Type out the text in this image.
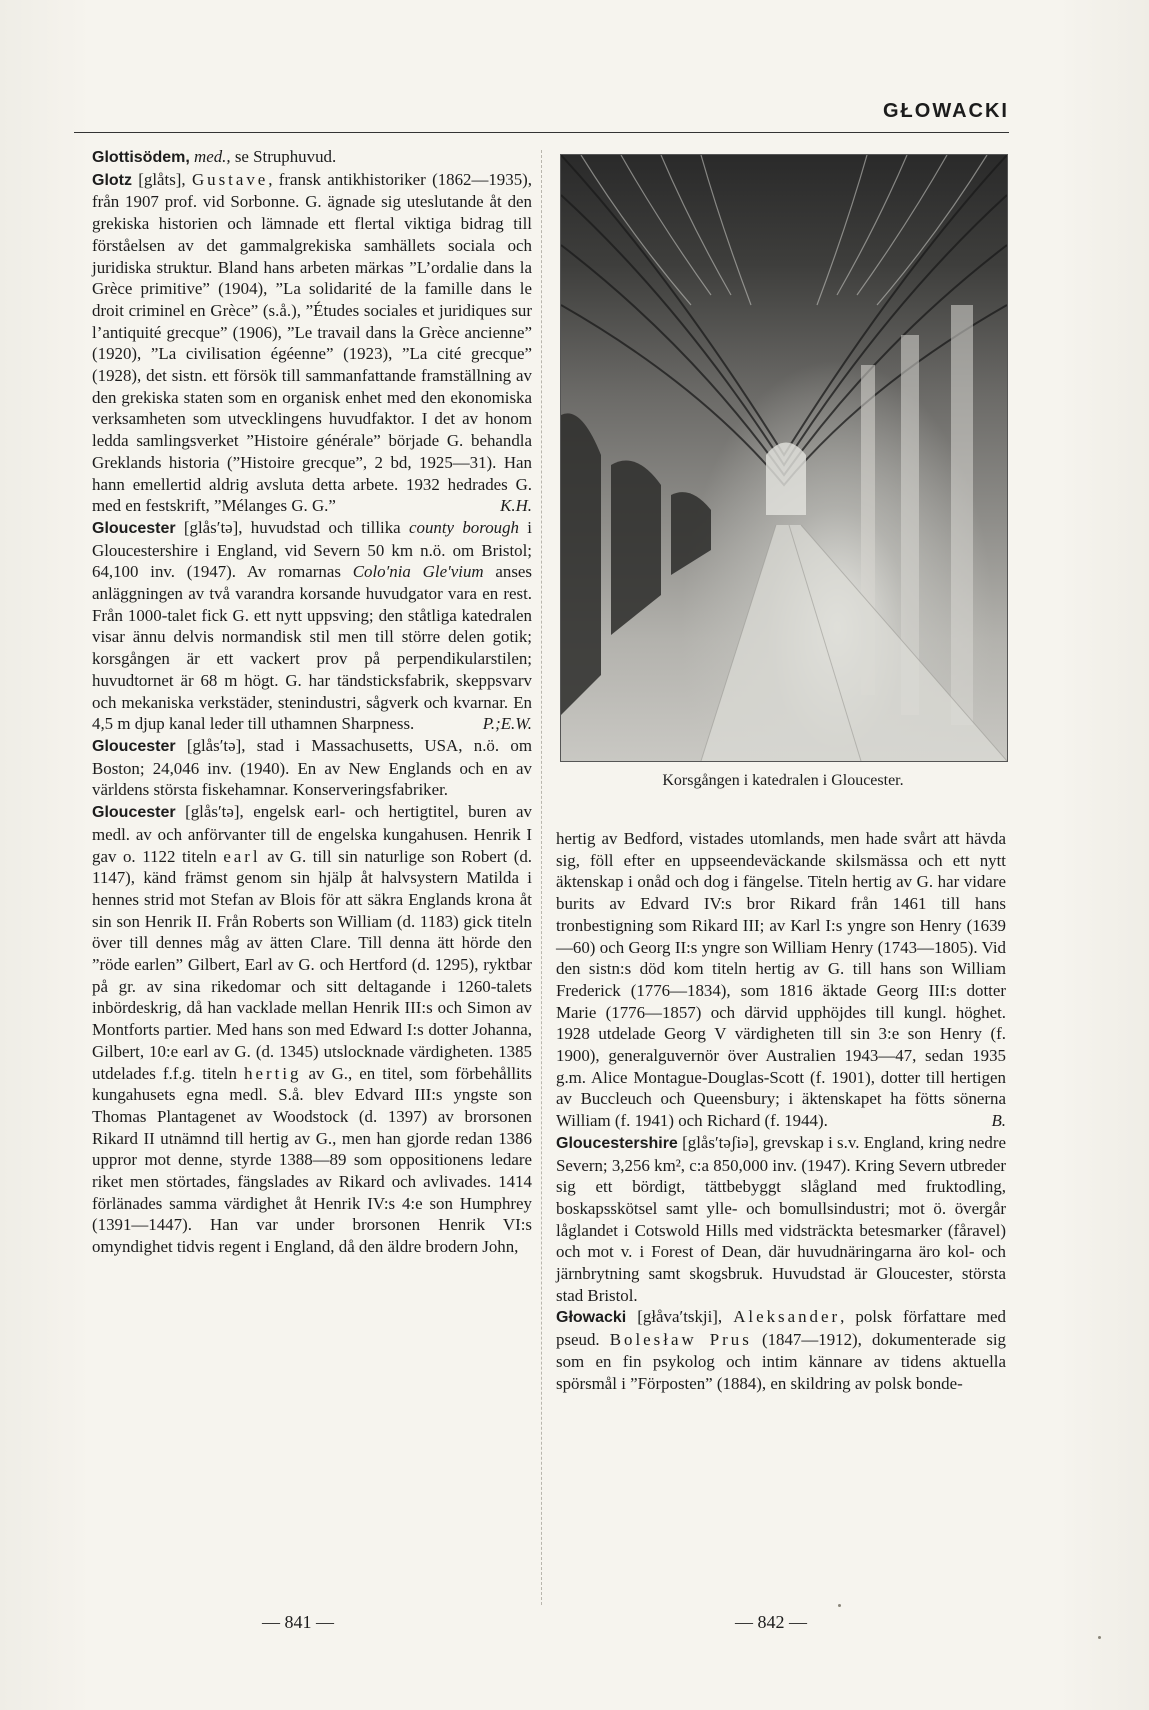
GŁOWACKI

Glottisödem, med., se Struphuvud.

Glotz [glåts], Gustave, fransk antikhistoriker (1862—1935), från 1907 prof. vid Sorbonne. G. ägnade sig uteslutande åt den grekiska historien och lämnade ett flertal viktiga bidrag till förståelsen av det gammalgrekiska samhällets sociala och juridiska struktur. Bland hans arbeten märkas ”L’ordalie dans la Grèce primitive” (1904), ”La solidarité de la famille dans le droit criminel en Grèce” (s.å.), ”Études sociales et juridiques sur l’antiquité grecque” (1906), ”Le travail dans la Grèce ancienne” (1920), ”La civilisation égéenne” (1923), ”La cité grecque” (1928), det sistn. ett försök till sammanfattande framställning av den grekiska staten som en organisk enhet med den ekonomiska verksamheten som utvecklingens huvudfaktor. I det av honom ledda samlingsverket ”Histoire générale” började G. behandla Greklands historia (”Histoire grecque”, 2 bd, 1925—31). Han hann emellertid aldrig avsluta detta arbete. 1932 hedrades G. med en festskrift, ”Mélanges G. G.”	K.H.

Gloucester [glås′tə], huvudstad och tillika county borough i Gloucestershire i England, vid Severn 50 km n.ö. om Bristol; 64,100 inv. (1947). Av romarnas Colo′nia Gle′vium anses anläggningen av två varandra korsande huvudgator vara en rest. Från 1000-talet fick G. ett nytt uppsving; den ståtliga katedralen visar ännu delvis normandisk stil men till större delen gotik; korsgången är ett vackert prov på perpendikularstilen; huvudtornet är 68 m högt. G. har tändsticksfabrik, skeppsvarv och mekaniska verkstäder, stenindustri, sågverk och kvarnar. En 4,5 m djup kanal leder till uthamnen Sharpness.	P.;E.W.

Gloucester [glås′tə], stad i Massachusetts, USA, n.ö. om Boston; 24,046 inv. (1940). En av New Englands och en av världens största fiskehamnar. Konserveringsfabriker.

Gloucester [glås′tə], engelsk earl- och hertigtitel, buren av medl. av och anförvanter till de engelska kungahusen. Henrik I gav o. 1122 titeln earl av G. till sin naturlige son Robert (d. 1147), känd främst genom sin hjälp åt halvsystern Matilda i hennes strid mot Stefan av Blois för att säkra Englands krona åt sin son Henrik II. Från Roberts son William (d. 1183) gick titeln över till dennes måg av ätten Clare. Till denna ätt hörde den ”röde earlen” Gilbert, Earl av G. och Hertford (d. 1295), ryktbar på gr. av sina rikedomar och sitt deltagande i 1260-talets inbördeskrig, då han vacklade mellan Henrik III:s och Simon av Montforts partier. Med hans son med Edward I:s dotter Johanna, Gilbert, 10:e earl av G. (d. 1345) utslocknade värdigheten. 1385 utdelades f.f.g. titeln hertig av G., en titel, som förbehållits kungahusets egna medl. S.å. blev Edvard III:s yngste son Thomas Plantagenet av Woodstock (d. 1397) av brorsonen Rikard II utnämnd till hertig av G., men han gjorde redan 1386 uppror mot denne, styrde 1388—89 som oppositionens ledare riket men störtades, fängslades av Rikard och avlivades. 1414 förlänades samma värdighet åt Henrik IV:s 4:e son Humphrey (1391—1447). Han var under brorsonen Henrik VI:s omyndighet tidvis regent i England, då den äldre brodern John,

Korsgången i katedralen i Gloucester.

hertig av Bedford, vistades utomlands, men hade svårt att hävda sig, föll efter en uppseendeväckande skilsmässa och ett nytt äktenskap i onåd och dog i fängelse. Titeln hertig av G. har vidare burits av Edvard IV:s bror Rikard från 1461 till hans tronbestigning som Rikard III; av Karl I:s yngre son Henry (1639—60) och Georg II:s yngre son William Henry (1743—1805). Vid den sistn:s död kom titeln hertig av G. till hans son William Frederick (1776—1834), som 1816 äktade Georg III:s dotter Marie (1776—1857) och därvid upphöjdes till kungl. höghet. 1928 utdelade Georg V värdigheten till sin 3:e son Henry (f. 1900), generalguvernör över Australien 1943—47, sedan 1935 g.m. Alice Montague-Douglas-Scott (f. 1901), dotter till hertigen av Buccleuch och Queensbury; i äktenskapet ha fötts sönerna William (f. 1941) och Richard (f. 1944).	B.

Gloucestershire [glås′təʃiə], grevskap i s.v. England, kring nedre Severn; 3,256 km², c:a 850,000 inv. (1947). Kring Severn utbreder sig ett bördigt, tättbebyggt slågland med fruktodling, boskapsskötsel samt ylle- och bomullsindustri; mot ö. övergår låglandet i Cotswold Hills med vidsträckta betesmarker (fåravel) och mot v. i Forest of Dean, där huvudnäringarna äro kol- och järnbrytning samt skogsbruk. Huvudstad är Gloucester, största stad Bristol.

Głowacki [głåva′tskji], Aleksander, polsk författare med pseud. Bolesław Prus (1847—1912), dokumenterade sig som en fin psykolog och intim kännare av tidens aktuella spörsmål i ”Förposten” (1884), en skildring av polsk bonde-

— 841 —	— 842 —
